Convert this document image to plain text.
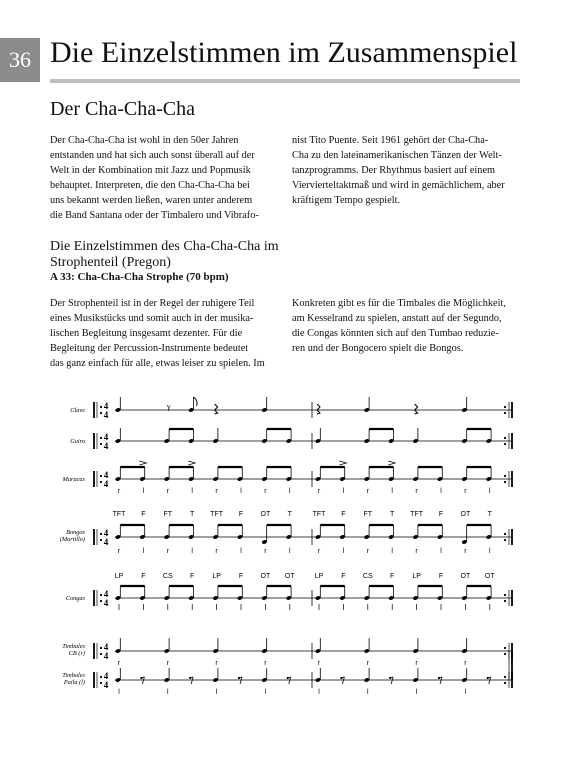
36 Die Einzelstimmen im Zusammenspiel
Der Cha-Cha-Cha
Der Cha-Cha-Cha ist wohl in den 50er Jahren
entstanden und hat sich auch sonst überall auf der
Welt in der Kombination mit Jazz und Popmusik
behauptet. Interpreten, die den Cha-Cha-Cha bei
uns bekannt werden ließen, waren unter anderem
die Band Santana oder der Timbalero und Vibrafo-
nist Tito Puente. Seit 1961 gehört der Cha-Cha-
Cha zu den lateinamerikanischen Tänzen der Welt-
tanzprogramms. Der Rhythmus basiert auf einem
Viervierteltaktmaß und wird in gemächlichem, aber
kräftigem Tempo gespielt.
Die Einzelstimmen des Cha-Cha-Cha im
Strophenteil (Pregon)
A 33: Cha-Cha-Cha Strophe (70 bpm)
Der Strophenteil ist in der Regel der ruhigere Teil
eines Musikstücks und somit auch in der musika-
lischen Begleitung insgesamt dezenter. Für die
Begleitung der Percussion-Instrumente bedeutet
das ganz einfach für alle, etwas leiser zu spielen. Im
Konkreten gibt es für die Timbales die Möglichkeit,
am Kesselrand zu spielen, anstatt auf der Segundo,
die Congas könnten sich auf den Tumbao reduzie-
ren und der Bongocero spielt die Bongos.
4
4
Clave
4
4
Guiro
4
4
Maracas
4
4
Bongos
(Martillo)
4
4
Congas
4
4
Timbales
CB (r)
4
4
Timbales
Paila (l)
γ
r	l	r	l	r	l	r	l	r	l	r	l	r	l	r	l
r
TFT
l
F
r
FT
l
T
r
TFT
l
F
r
OT
l
T
r
TFT
l
F
r
FT
l
T
r
TFT
l
F
r
OT
l
T
LP	F CS F	LP	F OT OT	LP	F CS F	LP	F OT OT
r	r	r	r	r	r	r	r
l	l	l	l	l	l	l	l
